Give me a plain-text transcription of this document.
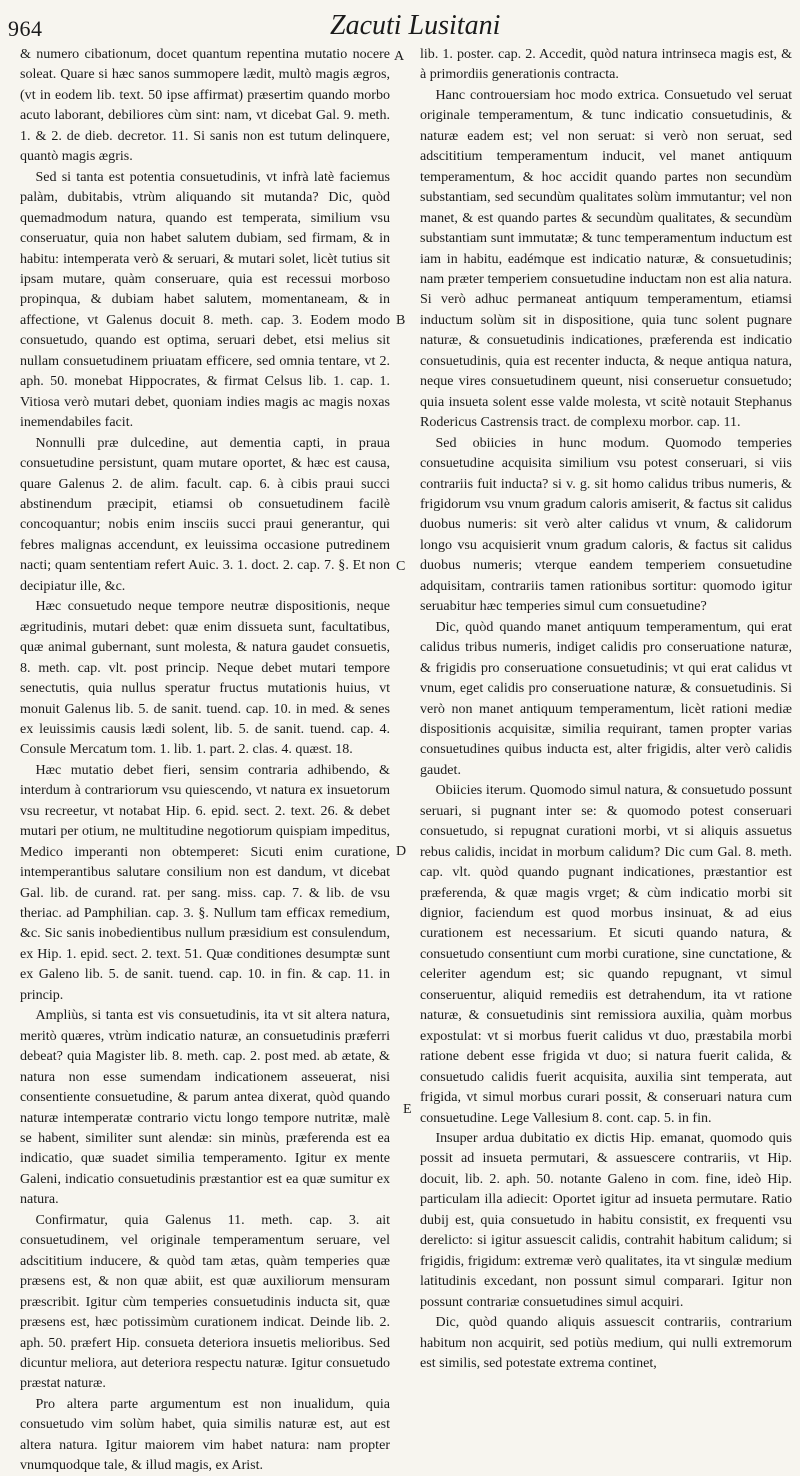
964	Zacuti Lusitani
A
B
C
D
E

& numero cibationum, docet quantum repentina mutatio nocere soleat. Quare si hæc sanos summopere lædit, multò magis ægros, (vt in eodem lib. text. 50 ipse affirmat) præsertim quando morbo acuto laborant, debiliores cùm sint: nam, vt dicebat Gal. 9. meth. 1. & 2. de dieb. decretor. 11. Si sanis non est tutum delinquere, quantò magis ægris.

Sed si tanta est potentia consuetudinis, vt infrà latè faciemus palàm, dubitabis, vtrùm aliquando sit mutanda? Dic, quòd quemadmodum natura, quando est temperata, similium vsu conseruatur, quia non habet salutem dubiam, sed firmam, & in habitu: intemperata verò & seruari, & mutari solet, licèt tutius sit ipsam mutare, quàm conseruare, quia est recessui morboso propinqua, & dubiam habet salutem, momentaneam, & in affectione, vt Galenus docuit 8. meth. cap. 3. Eodem modo consuetudo, quando est optima, seruari debet, etsi melius sit nullam consuetudinem priuatam efficere, sed omnia tentare, vt 2. aph. 50. monebat Hippocrates, & firmat Celsus lib. 1. cap. 1. Vitiosa verò mutari debet, quoniam indies magis ac magis noxas inemendabiles facit.

Nonnulli præ dulcedine, aut dementia capti, in praua consuetudine persistunt, quam mutare oportet, & hæc est causa, quare Galenus 2. de alim. facult. cap. 6. à cibis praui succi abstinendum præcipit, etiamsi ob consuetudinem facilè concoquantur; nobis enim insciis succi praui generantur, qui febres malignas accendunt, ex leuissima occasione putredinem nacti; quam sententiam refert Auic. 3. 1. doct. 2. cap. 7. §. Et non decipiatur ille, &c.

Hæc consuetudo neque tempore neutræ dispositionis, neque ægritudinis, mutari debet: quæ enim dissueta sunt, facultatibus, quæ animal gubernant, sunt molesta, & natura gaudet consuetis, 8. meth. cap. vlt. post princip. Neque debet mutari tempore senectutis, quia nullus speratur fructus mutationis huius, vt monuit Galenus lib. 5. de sanit. tuend. cap. 10. in med. & senes ex leuissimis causis lædi solent, lib. 5. de sanit. tuend. cap. 4. Consule Mercatum tom. 1. lib. 1. part. 2. clas. 4. quæst. 18.

Hæc mutatio debet fieri, sensim contraria adhibendo, & interdum à contrariorum vsu quiescendo, vt natura ex insuetorum vsu recreetur, vt notabat Hip. 6. epid. sect. 2. text. 26. & debet mutari per otium, ne multitudine negotiorum quispiam impeditus, Medico imperanti non obtemperet: Sicuti enim curatione, intemperantibus salutare consilium non est dandum, vt dicebat Gal. lib. de curand. rat. per sang. miss. cap. 7. & lib. de vsu theriac. ad Pamphilian. cap. 3. §. Nullum tam efficax remedium, &c. Sic sanis inobedientibus nullum præsidium est consulendum, ex Hip. 1. epid. sect. 2. text. 51. Quæ conditiones desumptæ sunt ex Galeno lib. 5. de sanit. tuend. cap. 10. in fin. & cap. 11. in princip.

Ampliùs, si tanta est vis consuetudinis, ita vt sit altera natura, meritò quæres, vtrùm indicatio naturæ, an consuetudinis præferri debeat? quia Magister lib. 8. meth. cap. 2. post med. ab ætate, & natura non esse sumendam indicationem asseuerat, nisi consentiente consuetudine, & parum antea dixerat, quòd quando naturæ intemperatæ contrario victu longo tempore nutritæ, malè se habent, similiter sunt alendæ: sin minùs, præferenda est ea indicatio, quæ suadet similia temperamento. Igitur ex mente Galeni, indicatio consuetudinis præstantior est ea quæ sumitur ex natura.

Confirmatur, quia Galenus 11. meth. cap. 3. ait consuetudinem, vel originale temperamentum seruare, vel adscititium inducere, & quòd tam ætas, quàm temperies quæ præsens est, & non quæ abiit, est quæ auxiliorum mensuram præscribit. Igitur cùm temperies consuetudinis inducta sit, quæ præsens est, hæc potissimùm curationem indicat. Deinde lib. 2. aph. 50. præfert Hip. consueta deteriora insuetis melioribus. Sed dicuntur meliora, aut deteriora respectu naturæ. Igitur consuetudo præstat naturæ.

Pro altera parte argumentum est non inualidum, quia consuetudo vim solùm habet, quia similis naturæ est, aut est altera natura. Igitur maiorem vim habet natura: nam propter vnumquodque tale, & illud magis, ex Arist.

lib. 1. poster. cap. 2. Accedit, quòd natura intrinseca magis est, & à primordiis generationis contracta.

Hanc controuersiam hoc modo extrica. Consuetudo vel seruat originale temperamentum, & tunc indicatio consuetudinis, & naturæ eadem est; vel non seruat: si verò non seruat, sed adscititium temperamentum inducit, vel manet antiquum temperamentum, & hoc accidit quando partes non secundùm substantiam, sed secundùm qualitates solùm immutantur; vel non manet, & est quando partes & secundùm qualitates, & secundùm substantiam sunt immutatæ; & tunc temperamentum inductum est iam in habitu, eadémque est indicatio naturæ, & consuetudinis; nam præter temperiem consuetudine inductam non est alia natura. Si verò adhuc permaneat antiquum temperamentum, etiamsi inductum solùm sit in dispositione, quia tunc solent pugnare naturæ, & consuetudinis indicationes, præferenda est indicatio consuetudinis, quia est recenter inducta, & neque antiqua natura, neque vires consuetudinem queunt, nisi conseruetur consuetudo; quia insueta solent esse valde molesta, vt scitè notauit Stephanus Rodericus Castrensis tract. de complexu morbor. cap. 11.

Sed obiicies in hunc modum. Quomodo temperies consuetudine acquisita similium vsu potest conseruari, si viis contrariis fuit inducta? si v. g. sit homo calidus tribus numeris, & frigidorum vsu vnum gradum caloris amiserit, & factus sit calidus duobus numeris: sit verò alter calidus vt vnum, & calidorum longo vsu acquisierit vnum gradum caloris, & factus sit calidus duobus numeris; vterque eandem temperiem consuetudine adquisitam, contrariis tamen rationibus sortitur: quomodo igitur seruabitur hæc temperies simul cum consuetudine?

Dic, quòd quando manet antiquum temperamentum, qui erat calidus tribus numeris, indiget calidis pro conseruatione naturæ, & frigidis pro conseruatione consuetudinis; vt qui erat calidus vt vnum, eget calidis pro conseruatione naturæ, & consuetudinis. Si verò non manet antiquum temperamentum, licèt rationi mediæ dispositionis acquisitæ, similia requirant, tamen propter varias consuetudines quibus inducta est, alter frigidis, alter verò calidis gaudet.

Obiicies iterum. Quomodo simul natura, & consuetudo possunt seruari, si pugnant inter se: & quomodo potest conseruari consuetudo, si repugnat curationi morbi, vt si aliquis assuetus rebus calidis, incidat in morbum calidum? Dic cum Gal. 8. meth. cap. vlt. quòd quando pugnant indicationes, præstantior est præferenda, & quæ magis vrget; & cùm indicatio morbi sit dignior, faciendum est quod morbus insinuat, & ad eius curationem est necessarium. Et sicuti quando natura, & consuetudo consentiunt cum morbi curatione, sine cunctatione, & celeriter agendum est; sic quando repugnant, vt simul conseruentur, aliquid remediis est detrahendum, ita vt ratione naturæ, & consuetudinis sint remissiora auxilia, quàm morbus expostulat: vt si morbus fuerit calidus vt duo, præstabila morbi ratione debent esse frigida vt duo; si natura fuerit calida, & consuetudo calidis fuerit acquisita, auxilia sint temperata, aut frigida, vt simul morbus curari possit, & conseruari natura cum consuetudine. Lege Vallesium 8. cont. cap. 5. in fin.

Insuper ardua dubitatio ex dictis Hip. emanat, quomodo quis possit ad insueta permutari, & assuescere contrariis, vt Hip. docuit, lib. 2. aph. 50. notante Galeno in com. fine, ideò Hip. particulam illa adiecit: Oportet igitur ad insueta permutare. Ratio dubij est, quia consuetudo in habitu consistit, ex frequenti vsu derelicto: si igitur assuescit calidis, contrahit habitum calidum; si frigidis, frigidum: extremæ verò qualitates, ita vt singulæ medium latitudinis excedant, non possunt simul comparari. Igitur non possunt contrariæ consuetudines simul acquiri.

Dic, quòd quando aliquis assuescit contrariis, contrarium habitum non acquirit, sed potiùs medium, qui nulli extremorum est similis, sed potestate extrema continet,
